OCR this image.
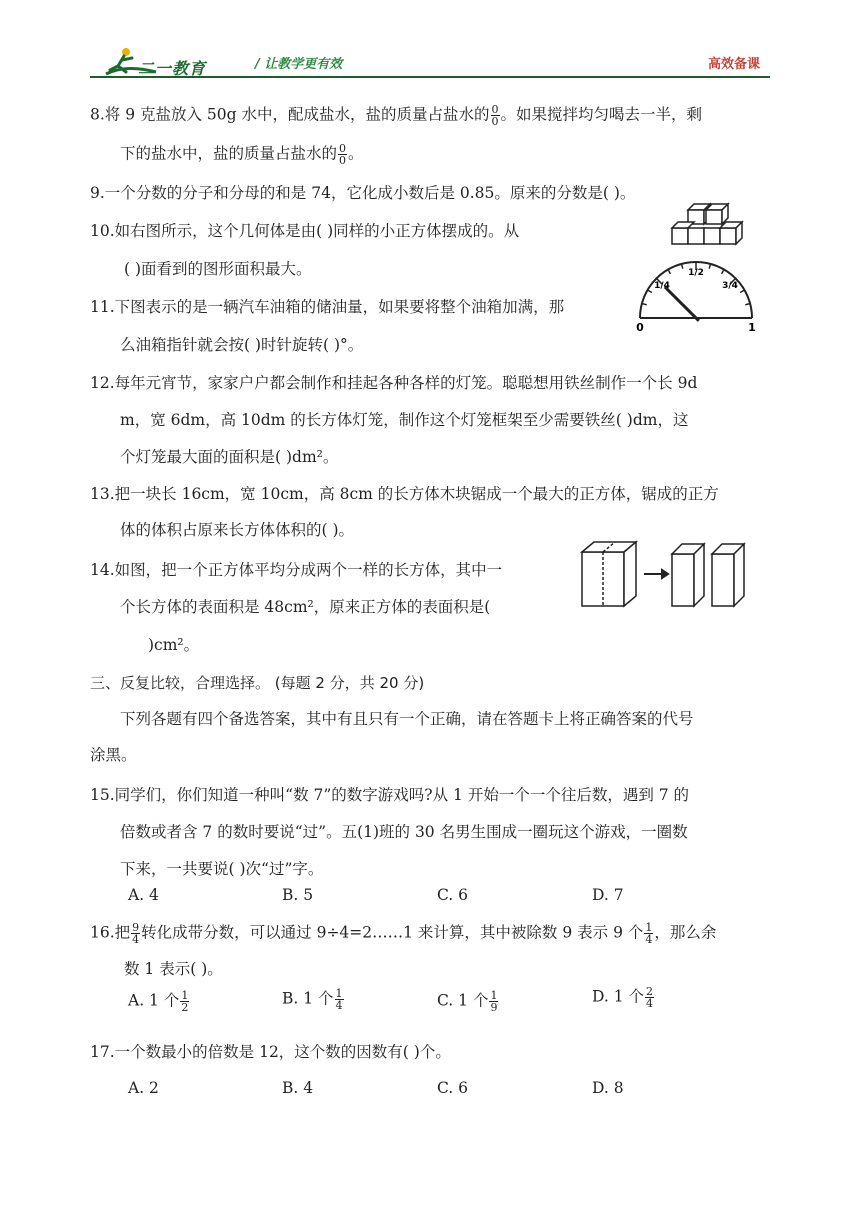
二一教育	/ 让教学更有效	高效备课
8.将 9 克盐放入 50g 水中，配成盐水，盐的质量占盐水的 $\frac{0}{0}$ 。如果搅拌均匀喝去一半，剩
下的盐水中，盐的质量占盐水的 $\frac{0}{0}$ 。
9.一个分数的分子和分母的和是 74，它化成小数后是 0.85。原来的分数是( )。
10.如右图所示，这个几何体是由( )同样的小正方体摆成的。从
( )面看到的图形面积最大。
11.下图表示的是一辆汽车油箱的储油量，如果要将整个油箱加满，那
么油箱指针就会按( )时针旋转( )°。
0
1/4
1/2
3/4
1
12.每年元宵节，家家户户都会制作和挂起各种各样的灯笼。聪聪想用铁丝制作一个长 9d
m，宽 6dm，高 10dm 的长方体灯笼，制作这个灯笼框架至少需要铁丝( )dm，这
个灯笼最大面的面积是( )dm²。
13.把一块长 16cm，宽 10cm，高 8cm 的长方体木块锯成一个最大的正方体，锯成的正方
体的体积占原来长方体体积的( )。
14.如图，把一个正方体平均分成两个一样的长方体，其中一
个长方体的表面积是 48cm²，原来正方体的表面积是(
)cm²。
三、反复比较，合理选择。 (每题 2 分，共 20 分)
下列各题有四个备选答案，其中有且只有一个正确，请在答题卡上将正确答案的代号
涂黑。
15.同学们，你们知道一种叫“数 7”的数字游戏吗?从 1 开始一个一个往后数，遇到 7 的
倍数或者含 7 的数时要说“过”。五(1)班的 30 名男生围成一圈玩这个游戏，一圈数
下来，一共要说( )次“过”字。
A. 4	B. 5	C. 6	D. 7
16.把 $\frac{9}{4}$ 转化成带分数，可以通过 9÷4=2……1 来计算，其中被除数 9 表示 9 个 $\frac{1}{4}$ ，那么余
数 1 表示( )。
A. 1 个 $\frac{1}{2}$	B. 1 个 $\frac{1}{4}$	C. 1 个 $\frac{1}{9}$	D. 1 个 $\frac{2}{4}$
17.一个数最小的倍数是 12，这个数的因数有( )个。
A. 2	B. 4	C. 6	D. 8
